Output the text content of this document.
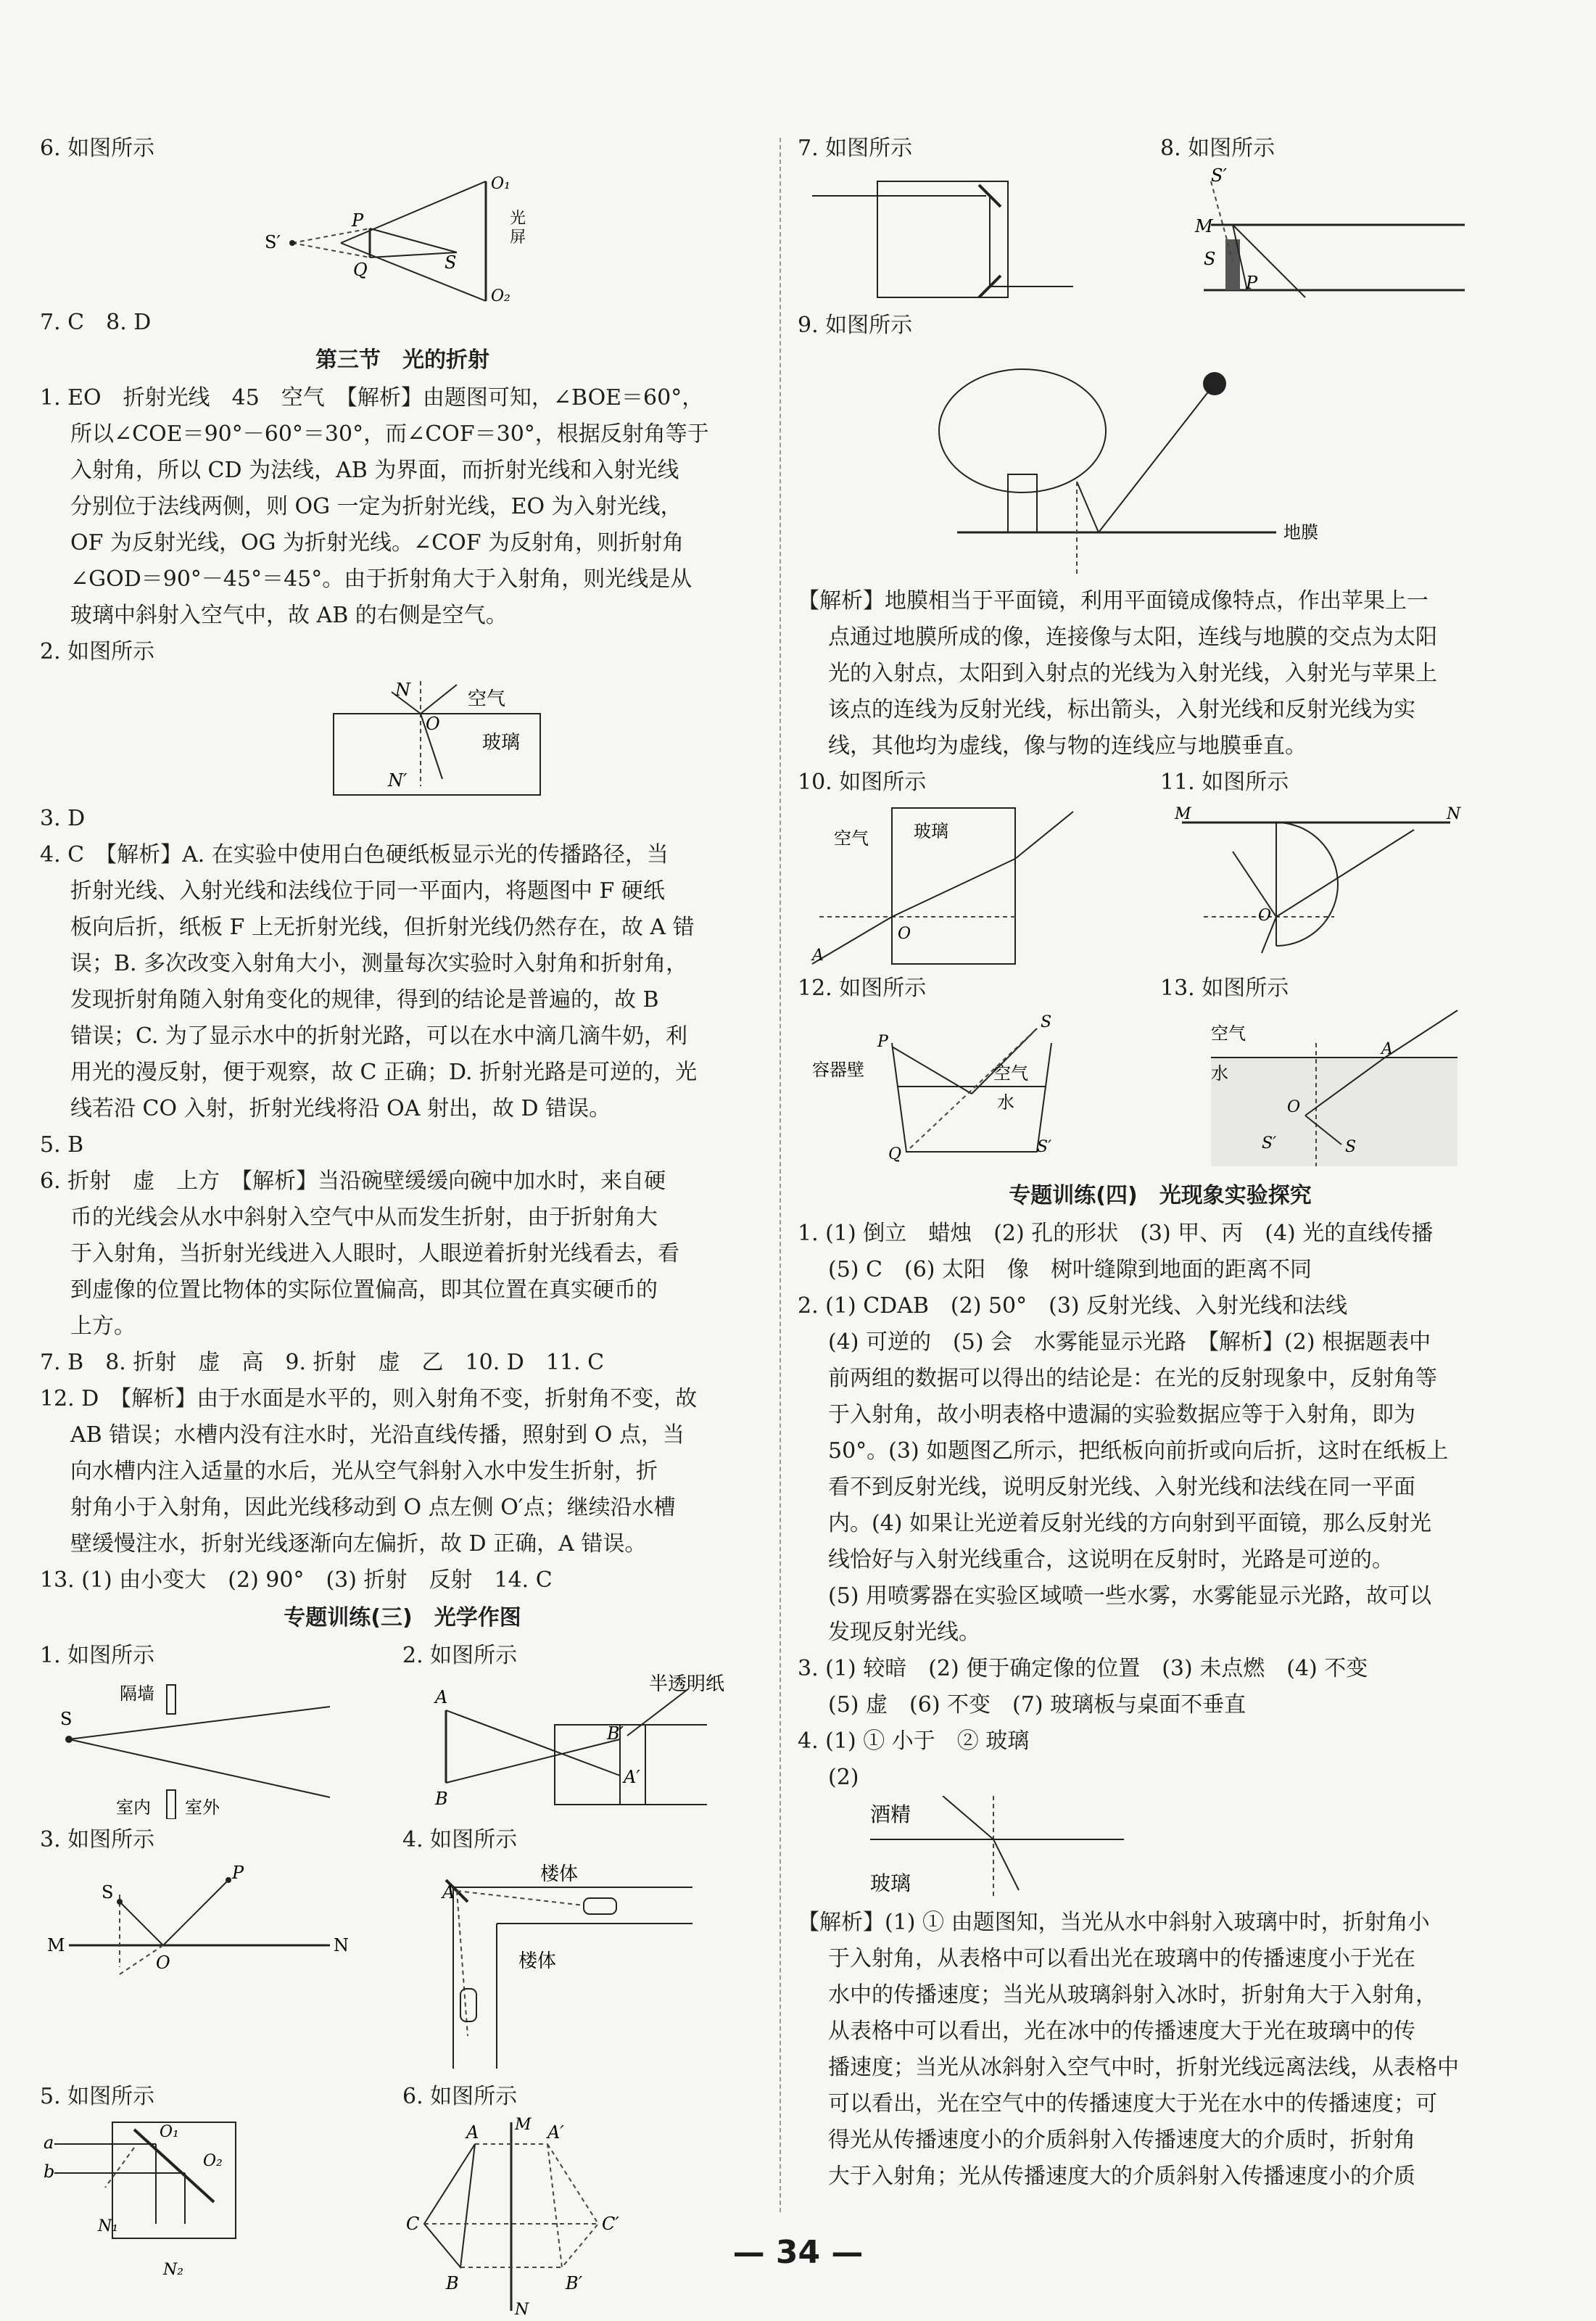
6. 如图所示
S′
P
Q	S
O₁
O₂
光
屏
7. C　8. D
第三节　光的折射
1. EO　折射光线　45　空气　【解析】由题图可知，∠BOE＝60°，
所以∠COE＝90°－60°＝30°，而∠COF＝30°，根据反射角等于
入射角，所以 CD 为法线，AB 为界面，而折射光线和入射光线
分别位于法线两侧，则 OG 一定为折射光线，EO 为入射光线，
OF 为反射光线，OG 为折射光线。∠COF 为反射角，则折射角
∠GOD＝90°－45°＝45°。由于折射角大于入射角，则光线是从
玻璃中斜射入空气中，故 AB 的右侧是空气。
2. 如图所示
N
O
空气
玻璃
N′
3. D
4. C　【解析】A. 在实验中使用白色硬纸板显示光的传播路径，当
折射光线、入射光线和法线位于同一平面内，将题图中 F 硬纸
板向后折，纸板 F 上无折射光线，但折射光线仍然存在，故 A 错
误；B. 多次改变入射角大小，测量每次实验时入射角和折射角，
发现折射角随入射角变化的规律，得到的结论是普遍的，故 B
错误；C. 为了显示水中的折射光路，可以在水中滴几滴牛奶，利
用光的漫反射，便于观察，故 C 正确；D. 折射光路是可逆的，光
线若沿 CO 入射，折射光线将沿 OA 射出，故 D 错误。
5. B
6. 折射　虚　上方　【解析】当沿碗壁缓缓向碗中加水时，来自硬
币的光线会从水中斜射入空气中从而发生折射，由于折射角大
于入射角，当折射光线进入人眼时，人眼逆着折射光线看去，看
到虚像的位置比物体的实际位置偏高，即其位置在真实硬币的
上方。
7. B　8. 折射　虚　高　9. 折射　虚　乙　10. D　11. C
12. D　【解析】由于水面是水平的，则入射角不变，折射角不变，故
AB 错误；水槽内没有注水时，光沿直线传播，照射到 O 点，当
向水槽内注入适量的水后，光从空气斜射入水中发生折射，折
射角小于入射角，因此光线移动到 O 点左侧 O′点；继续沿水槽
壁缓慢注水，折射光线逐渐向左偏折，故 D 正确，A 错误。
13. (1) 由小变大　(2) 90°　(3) 折射　反射　14. C
专题训练(三)　光学作图
1. 如图所示
S
隔墙
室内 室外
2. 如图所示
A
B
A′
B′
半透明纸
3. 如图所示
S
P
M	N
O
4. 如图所示
A
楼体
楼体
5. 如图所示
a
b
O₁
O₂
N₁
N₂
6. 如图所示
M
N
A
B
C
A′
B′
C′
7. 如图所示	8. 如图所示
S′
M
S
P
9. 如图所示
地膜
【解析】地膜相当于平面镜，利用平面镜成像特点，作出苹果上一
点通过地膜所成的像，连接像与太阳，连线与地膜的交点为太阳
光的入射点，太阳到入射点的光线为入射光线，入射光与苹果上
该点的连线为反射光线，标出箭头，入射光线和反射光线为实
线，其他均为虚线，像与物的连线应与地膜垂直。
10. 如图所示
空气	玻璃
O
A
11. 如图所示
M	N
O
12. 如图所示
P
S
容器壁	空气
水
Q	S′
13. 如图所示
空气
水
A
O
S′	S
专题训练(四)　光现象实验探究
1. (1) 倒立　蜡烛　(2) 孔的形状　(3) 甲、丙　(4) 光的直线传播
(5) C　(6) 太阳　像　树叶缝隙到地面的距离不同
2. (1) CDAB　(2) 50°　(3) 反射光线、入射光线和法线
(4) 可逆的　(5) 会　水雾能显示光路　【解析】(2) 根据题表中
前两组的数据可以得出的结论是：在光的反射现象中，反射角等
于入射角，故小明表格中遗漏的实验数据应等于入射角，即为
50°。(3) 如题图乙所示，把纸板向前折或向后折，这时在纸板上
看不到反射光线，说明反射光线、入射光线和法线在同一平面
内。(4) 如果让光逆着反射光线的方向射到平面镜，那么反射光
线恰好与入射光线重合，这说明在反射时，光路是可逆的。
(5) 用喷雾器在实验区域喷一些水雾，水雾能显示光路，故可以
发现反射光线。
3. (1) 较暗　(2) 便于确定像的位置　(3) 未点燃　(4) 不变
(5) 虚　(6) 不变　(7) 玻璃板与桌面不垂直
4. (1) ① 小于　② 玻璃
(2)
酒精
玻璃
【解析】(1) ① 由题图知，当光从水中斜射入玻璃中时，折射角小
于入射角，从表格中可以看出光在玻璃中的传播速度小于光在
水中的传播速度；当光从玻璃斜射入冰时，折射角大于入射角，
从表格中可以看出，光在冰中的传播速度大于光在玻璃中的传
播速度；当光从冰斜射入空气中时，折射光线远离法线，从表格中
可以看出，光在空气中的传播速度大于光在水中的传播速度；可
得光从传播速度小的介质斜射入传播速度大的介质时，折射角
大于入射角；光从传播速度大的介质斜射入传播速度小的介质
— 34 —
